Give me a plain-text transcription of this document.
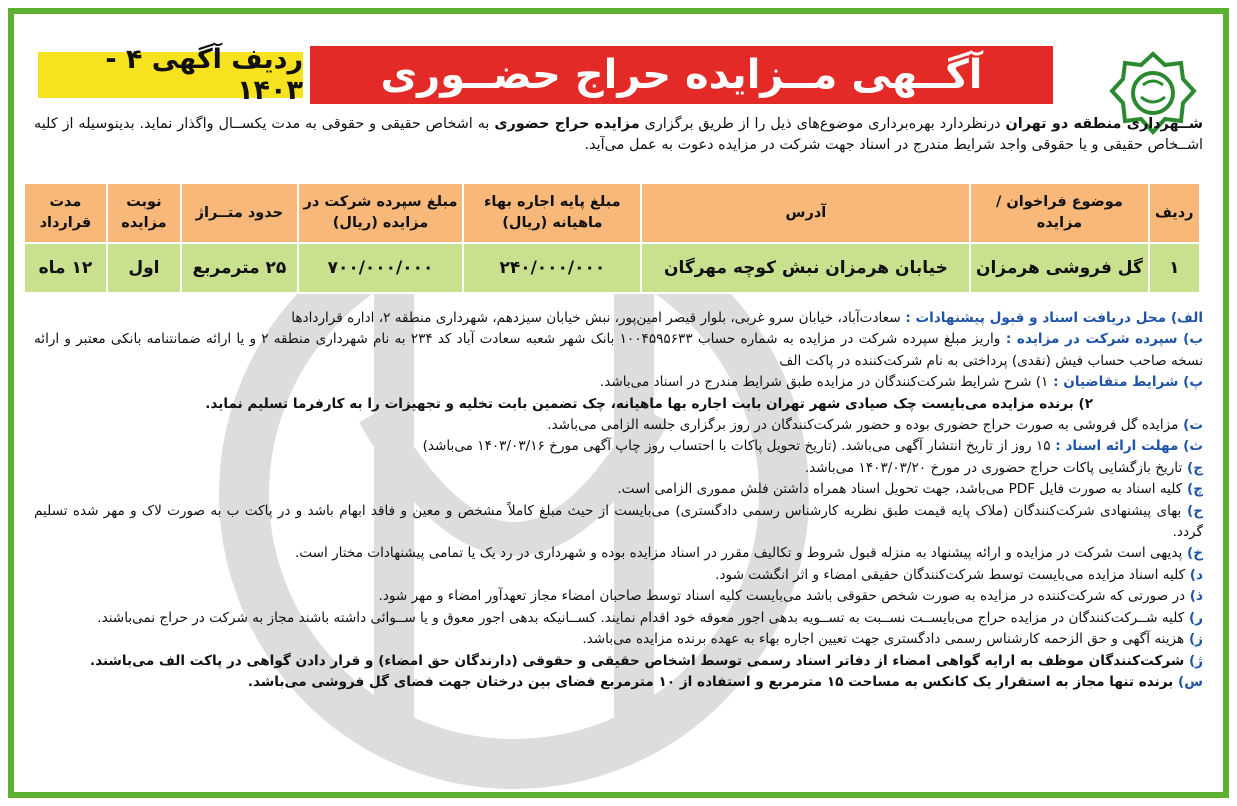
ردیف آگهی ۴ - ۱۴۰۳	آگــهی مــزایده حراج حضــوری
شــهرداری منطقه دو تهران درنظردارد بهره‌برداری موضوع‌های ذیل را از طریق برگزاری مزایده حراج حضوری به اشخاص حقیقی و حقوقی به مدت یکســال واگذار نماید. بدینوسیله از کلیه اشــخاص حقیقی و یا حقوقی واجد شرایط مندرج در اسناد جهت شرکت در مزایده دعوت به عمل می‌آید.
ردیف	موضوع فراخوان / مزایده	آدرس	مبلغ پایه اجاره بهاء ماهیانه (ریال)	مبلغ سپرده شرکت در مزایده (ریال)	حدود متــراژ	نوبت مزایده	مدت قرارداد
۱	گل فروشی هرمزان	خیابان هرمزان نبش کوچه مهرگان	۲۴۰/۰۰۰/۰۰۰	۷۰۰/۰۰۰/۰۰۰	۲۵ مترمربع	اول	۱۲ ماه

الف) محل دریافت اسناد و قبول پیشنهادات : سعادت‌آباد، خیابان سرو غربی، بلوار قیصر امین‌پور، نبش خیابان سیزدهم، شهرداری منطقه ۲، اداره قراردادها

ب) سپرده شرکت در مزایده : واریز مبلغ سپرده شرکت در مزایده به شماره حساب ۱۰۰۴۵۹۵۶۳۳ بانک شهر شعبه سعادت آباد کد ۲۳۴ به نام شهرداری منطقه ۲ و یا ارائه ضمانتنامه بانکی معتبر و ارائه نسخه صاحب حساب فیش (نقدی) پرداختی به نام شرکت‌کننده در پاکت الف

پ) شرایط متقاضیان : ۱) شرح شرایط شرکت‌کنندگان در مزایده طبق شرایط مندرج در اسناد می‌باشد.

۲) برنده مزایده می‌بایست چک صیادی شهر تهران بابت اجاره بها ماهیانه، چک تضمین بابت تخلیه و تجهیزات را به کارفرما تسلیم نماید.

ت) مزایده گل فروشی به صورت حراج حضوری بوده و حضور شرکت‌کنندگان در روز برگزاری جلسه الزامی می‌باشد.

ث) مهلت ارائه اسناد : ۱۵ روز از تاریخ انتشار آگهی می‌باشد. (تاریخ تحویل پاکات با احتساب روز چاپ آگهی مورخ ۱۴۰۳/۰۳/۱۶ می‌باشد)

ج) تاریخ بازگشایی پاکات حراج حضوری در مورخ ۱۴۰۳/۰۳/۲۰ می‌باشد.

چ) کلیه اسناد به صورت فایل PDF می‌باشد، جهت تحویل اسناد همراه داشتن فلش مموری الزامی است.

ح) بهای پیشنهادی شرکت‌کنندگان (ملاک پایه قیمت طبق نظریه کارشناس رسمی دادگستری) می‌بایست از حیث مبلغ کاملاً مشخص و معین و فاقد ابهام باشد و در پاکت ب به صورت لاک و مهر شده تسلیم گردد.

خ) پدیهی است شرکت در مزایده و ارائه پیشنهاد به منزله قبول شروط و تکالیف مقرر در اسناد مزایده بوده و شهرداری در رد یک یا تمامی پیشنهادات مختار است.

د) کلیه اسناد مزایده می‌بایست توسط شرکت‌کنندگان حقیقی امضاء و اثر انگشت شود.

ذ) در صورتی که شرکت‌کننده در مزایده به صورت شخص حقوقی باشد می‌بایست کلیه اسناد توسط صاحبان امضاء مجاز تعهدآور امضاء و مهر شود.

ر) کلیه شــرکت‌کنندگان در مزایده حراج می‌بایســت نســبت به تســویه بدهی اجور معوقه خود اقدام نمایند. کســانیکه بدهی اجور معوق و یا ســوائی داشته باشند مجاز به شرکت در حراج نمی‌باشند.

ز) هزینه آگهی و حق الزحمه کارشناس رسمی دادگستری جهت تعیین اجاره بهاء به عهده برنده مزایده می‌باشد.

ژ) شرکت‌کنندگان موظف به ارایه گواهی امضاء از دفاتر اسناد رسمی توسط اشخاص حقیقی و حقوقی (دارندگان حق امضاء) و قرار دادن گواهی در پاکت الف می‌باشند.

س) برنده تنها مجاز به استقرار یک کانکس به مساحت ۱۵ مترمربع و استفاده از ۱۰ مترمربع فضای بین درختان جهت فضای گل فروشی می‌باشد.
